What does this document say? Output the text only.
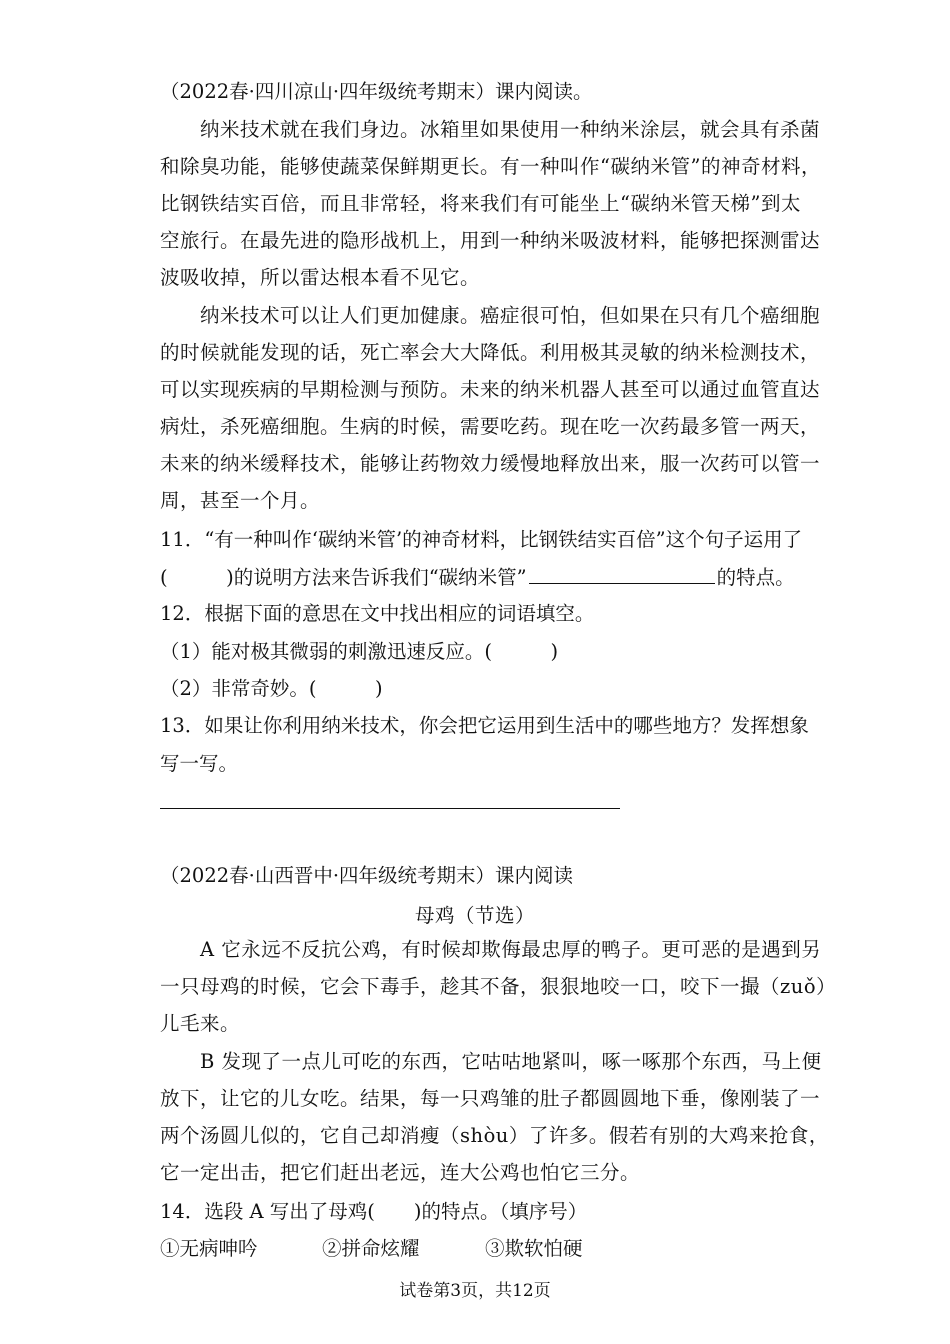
（2022春·四川凉山·四年级统考期末）课内阅读。
　　纳米技术就在我们身边。冰箱里如果使用一种纳米涂层，就会具有杀菌
和除臭功能，能够使蔬菜保鲜期更长。有一种叫作“碳纳米管”的神奇材料，
比钢铁结实百倍，而且非常轻，将来我们有可能坐上“碳纳米管天梯”到太
空旅行。在最先进的隐形战机上，用到一种纳米吸波材料，能够把探测雷达
波吸收掉，所以雷达根本看不见它。
　　纳米技术可以让人们更加健康。癌症很可怕，但如果在只有几个癌细胞
的时候就能发现的话，死亡率会大大降低。利用极其灵敏的纳米检测技术，
可以实现疾病的早期检测与预防。未来的纳米机器人甚至可以通过血管直达
病灶，杀死癌细胞。生病的时候，需要吃药。现在吃一次药最多管一两天，
未来的纳米缓释技术，能够让药物效力缓慢地释放出来，服一次药可以管一
周，甚至一个月。
11．“有一种叫作‘碳纳米管’的神奇材料，比钢铁结实百倍”这个句子运用了
(　　　)的说明方法来告诉我们“碳纳米管”	的特点。
12．根据下面的意思在文中找出相应的词语填空。
（1）能对极其微弱的刺激迅速反应。(　　　)
（2）非常奇妙。(　　　)
13．如果让你利用纳米技术，你会把它运用到生活中的哪些地方？发挥想象
写一写。
（2022春·山西晋中·四年级统考期末）课内阅读
母鸡（节选）
　　A 它永远不反抗公鸡，有时候却欺侮最忠厚的鸭子。更可恶的是遇到另
一只母鸡的时候，它会下毒手，趁其不备，狠狠地咬一口，咬下一撮（zuǒ）
儿毛来。
　　B 发现了一点儿可吃的东西，它咕咕地紧叫，啄一啄那个东西，马上便
放下，让它的儿女吃。结果，每一只鸡雏的肚子都圆圆地下垂，像刚装了一
两个汤圆儿似的，它自己却消瘦（shòu）了许多。假若有别的大鸡来抢食，
它一定出击，把它们赶出老远，连大公鸡也怕它三分。
14．选段 A 写出了母鸡(　　)的特点。（填序号）
①无病呻吟	②拼命炫耀	③欺软怕硬
试卷第3页，共12页
